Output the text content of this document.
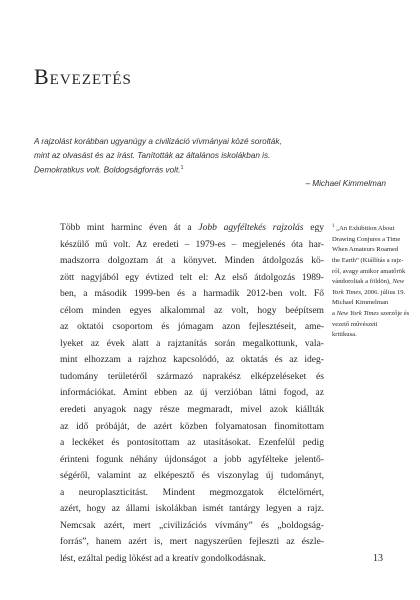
Bevezetés
A rajzolást korábban ugyanúgy a civilizáció vívmányai közé sorolták,
mint az olvasást és az írást. Tanították az általános iskolákban is.
Demokratikus volt. Boldogságforrás volt.$^1$
– Michael Kimmelman
Több mint harminc éven át a Jobb agyféltekés rajzolás egy
készülő mű volt. Az eredeti – 1979-es – megjelenés óta har-
madszorra dolgoztam át a könyvet. Minden átdolgozás kö-
zött nagyjából egy évtized telt el: Az első átdolgozás 1989-
ben, a második 1999-ben és a harmadik 2012-ben volt. Fő
célom minden egyes alkalommal az volt, hogy beépítsem
az oktatói csoportom és jómagam azon fejlesztéseit, ame-
lyeket az évek alatt a rajztanítás során megalkottunk, vala-
mint elhozzam a rajzhoz kapcsolódó, az oktatás és az ideg-
tudomány területéről származó naprakész elképzeléseket és
információkat. Amint ebben az új verzióban látni fogod, az
eredeti anyagok nagy része megmaradt, mivel azok kiállták
az idő próbáját, de azért közben folyamatosan finomítottam
a leckéket és pontosítottam az utasításokat. Ezenfelül pedig
érinteni fogunk néhány újdonságot a jobb agyfélteke jelentő-
ségéről, valamint az elképesztő és viszonylag új tudományt,
a neuroplaszticitást. Mindent megmozgatok élctelörnért,
azért, hogy az állami iskolákban ismét tantárgy legyen a rajz.
Nemcsak azért, mert „civilizációs vívmány” és „boldogság-
forrás”, hanem azért is, mert nagyszerűen fejleszti az észle-
lést, ezáltal pedig lökést ad a kreatív gondolkodásnak.
$^1$ „An Exhibition About
Drawing Conjures a Time
When Amateurs Roamed
the Earth” (Kiállítás a rajz-
ról, avagy amikor amatőrök
vándoroltak a földön), New
York Times, 2006. július 19.
Michael Kimmelman
a New York Times szerzője és
vezető művészeti
kritikusa.
13
